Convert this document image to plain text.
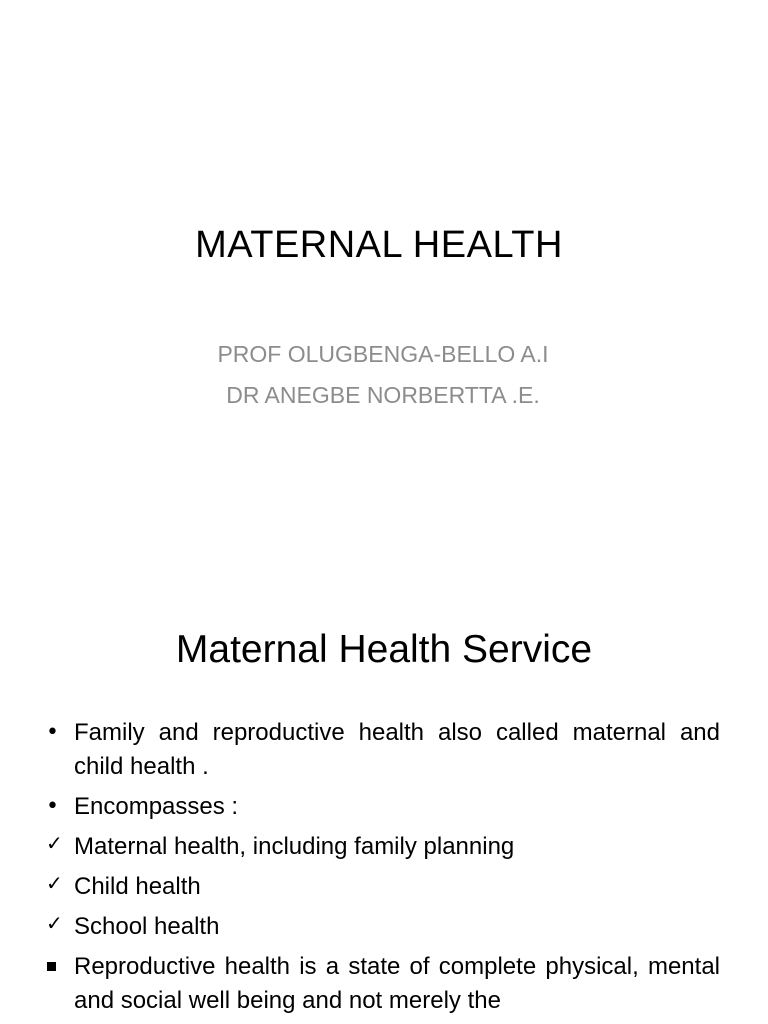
MATERNAL HEALTH
PROF OLUGBENGA-BELLO A.I
DR ANEGBE NORBERTTA .E.
Maternal Health Service
• Family and reproductive health also called maternal and child health .
• Encompasses :
✓ Maternal health, including family planning
✓ Child health
✓ School health
Reproductive health is a state of complete physical, mental and social well being and not merely the
